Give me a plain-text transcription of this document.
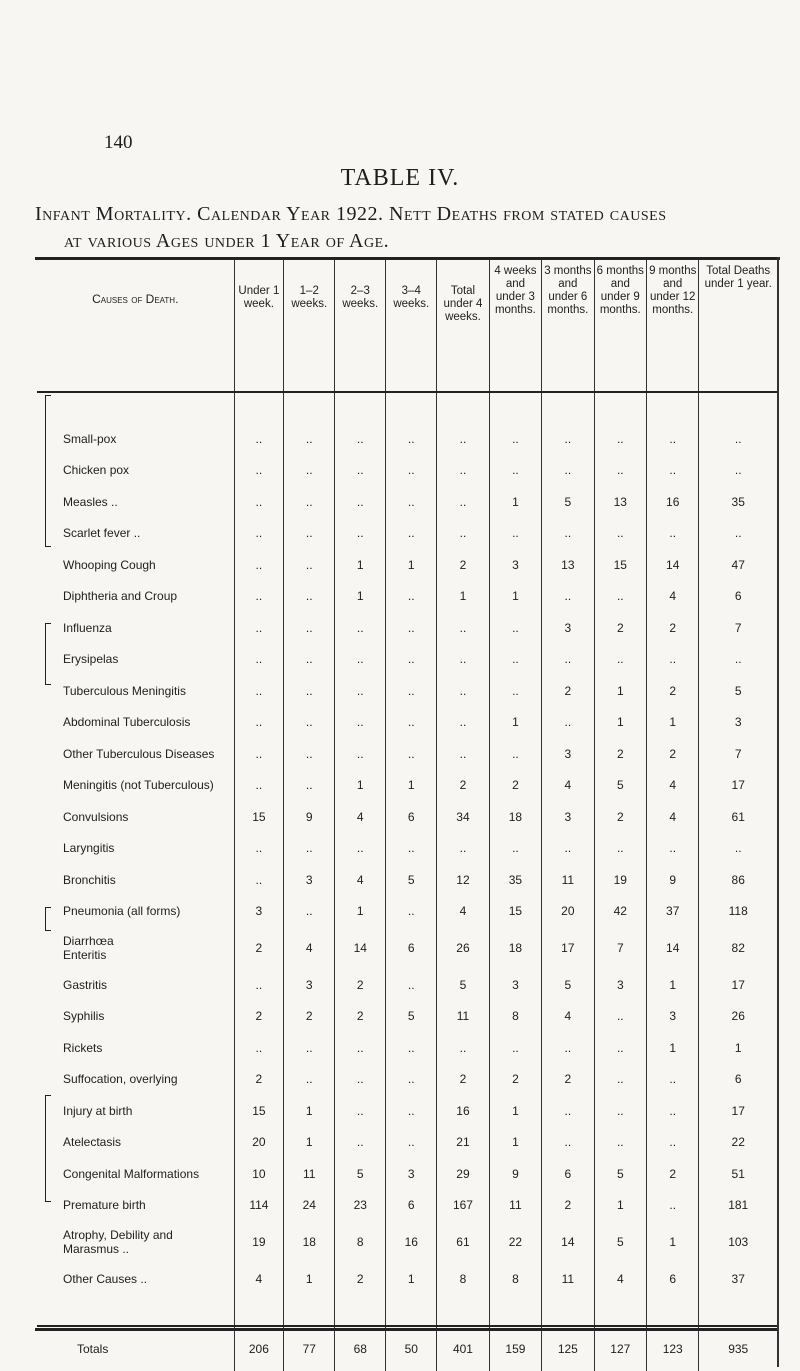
140
TABLE IV.
Infant Mortality. Calendar Year 1922. Nett Deaths from stated causes
at various Ages under 1 Year of Age.
Causes of Death.	Under 1 week.	1–2 weeks.	2–3 weeks.	3–4 weeks.	Total under 4 weeks.	4 weeks and under 3 months.	3 months and under 6 months.	6 months and under 9 months.	9 months and under 12 months.	Total Deaths under 1 year.

Small-pox	..	..	..	..	..	..	..	..	..	..
Chicken pox	..	..	..	..	..	..	..	..	..	..
Measles ..	..	..	..	..	..	1	5	13	16	35
Scarlet fever ..	..	..	..	..	..	..	..	..	..	..
Whooping Cough	..	..	1	1	2	3	13	15	14	47
Diphtheria and Croup	..	..	1	..	1	1	..	..	4	6
Influenza	..	..	..	..	..	..	3	2	2	7
Erysipelas	..	..	..	..	..	..	..	..	..	..
Tuberculous Meningitis	..	..	..	..	..	..	2	1	2	5
Abdominal Tuberculosis	..	..	..	..	..	1	..	1	1	3
Other Tuberculous Diseases	..	..	..	..	..	..	3	2	2	7
Meningitis (not Tuberculous)	..	..	1	1	2	2	4	5	4	17
Convulsions	15	9	4	6	34	18	3	2	4	61
Laryngitis	..	..	..	..	..	..	..	..	..	..
Bronchitis	..	3	4	5	12	35	11	19	9	86
Pneumonia (all forms)	3	..	1	..	4	15	20	42	37	118
Diarrhœa
Enteritis	2	4	14	6	26	18	17	7	14	82
Gastritis	..	3	2	..	5	3	5	3	1	17
Syphilis	2	2	2	5	11	8	4	..	3	26
Rickets	..	..	..	..	..	..	..	..	1	1
Suffocation, overlying	2	..	..	..	2	2	2	..	..	6
Injury at birth	15	1	..	..	16	1	..	..	..	17
Atelectasis	20	1	..	..	21	1	..	..	..	22
Congenital Malformations	10	11	5	3	29	9	6	5	2	51
Premature birth	114	24	23	6	167	11	2	1	..	181
Atrophy, Debility and
Marasmus ..	19	18	8	16	61	22	14	5	1	103
Other Causes ..	4	1	2	1	8	8	11	4	6	37

Totals	206	77	68	50	401	159	125	127	123	935
